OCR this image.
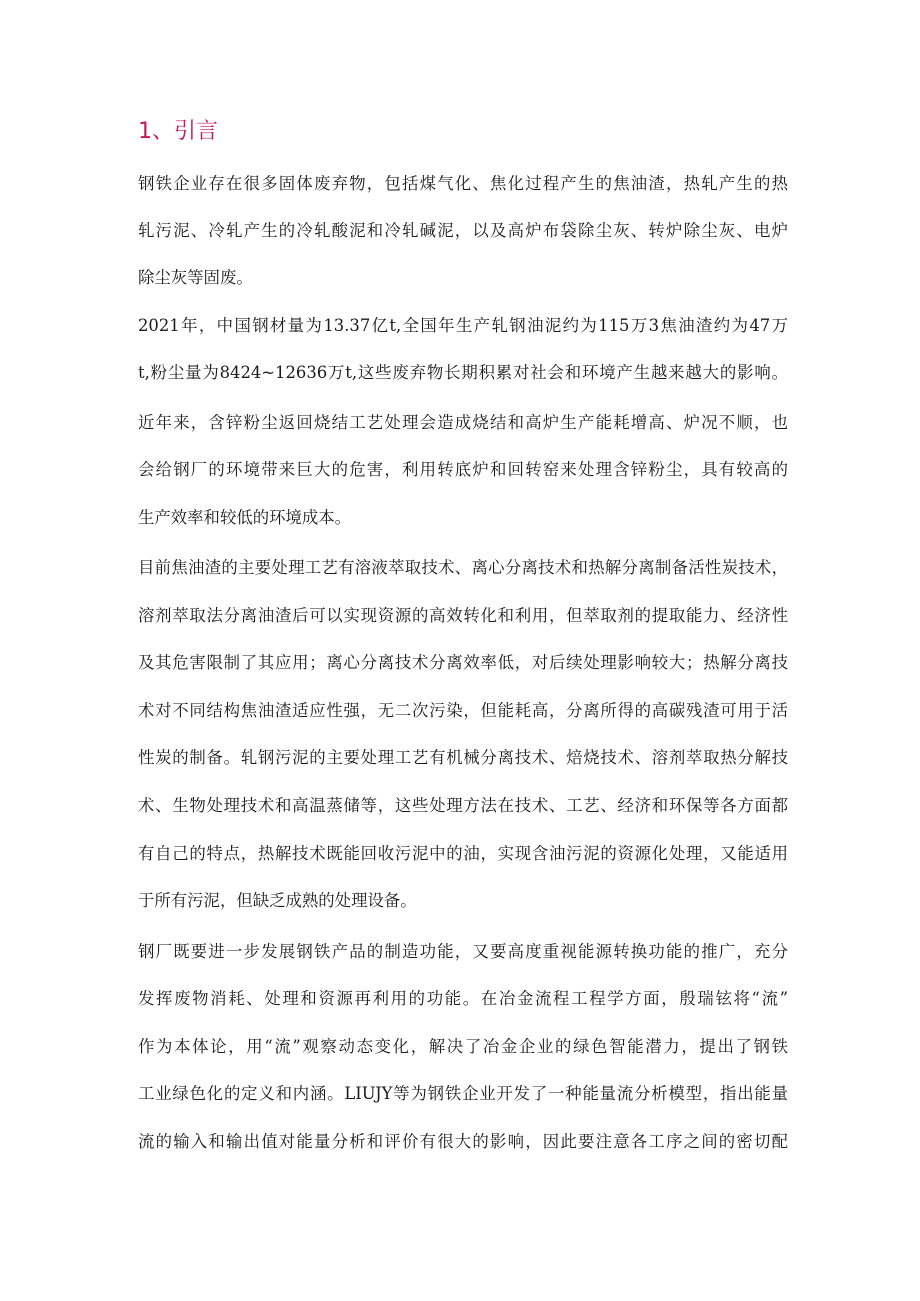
1、引言
钢铁企业存在很多固体废弃物，包括煤气化、焦化过程产生的焦油渣，热轧产生的热
轧污泥、冷轧产生的冷轧酸泥和冷轧碱泥，以及高炉布袋除尘灰、转炉除尘灰、电炉
除尘灰等固废。
2021年，中国钢材量为13.37亿t,全国年生产轧钢油泥约为115万3焦油渣约为47万
t,粉尘量为8424~12636万t,这些废弃物长期积累对社会和环境产生越来越大的影响。
近年来，含锌粉尘返回烧结工艺处理会造成烧结和高炉生产能耗增高、炉况不顺，也
会给钢厂的环境带来巨大的危害，利用转底炉和回转窑来处理含锌粉尘，具有较高的
生产效率和较低的环境成本。
目前焦油渣的主要处理工艺有溶液萃取技术、离心分离技术和热解分离制备活性炭技术，
溶剂萃取法分离油渣后可以实现资源的高效转化和利用，但萃取剂的提取能力、经济性
及其危害限制了其应用；离心分离技术分离效率低，对后续处理影响较大；热解分离技
术对不同结构焦油渣适应性强，无二次污染，但能耗高，分离所得的高碳残渣可用于活
性炭的制备。轧钢污泥的主要处理工艺有机械分离技术、焙烧技术、溶剂萃取热分解技
术、生物处理技术和高温蒸储等，这些处理方法在技术、工艺、经济和环保等各方面都
有自己的特点，热解技术既能回收污泥中的油，实现含油污泥的资源化处理，又能适用
于所有污泥，但缺乏成熟的处理设备。
钢厂既要进一步发展钢铁产品的制造功能，又要高度重视能源转换功能的推广，充分
发挥废物消耗、处理和资源再利用的功能。在冶金流程工程学方面，殷瑞铉将“流”
作为本体论，用“流”观察动态变化，解决了冶金企业的绿色智能潜力，提出了钢铁
工业绿色化的定义和内涵。LIUJY等为钢铁企业开发了一种能量流分析模型，指出能量
流的输入和输出值对能量分析和评价有很大的影响，因此要注意各工序之间的密切配
